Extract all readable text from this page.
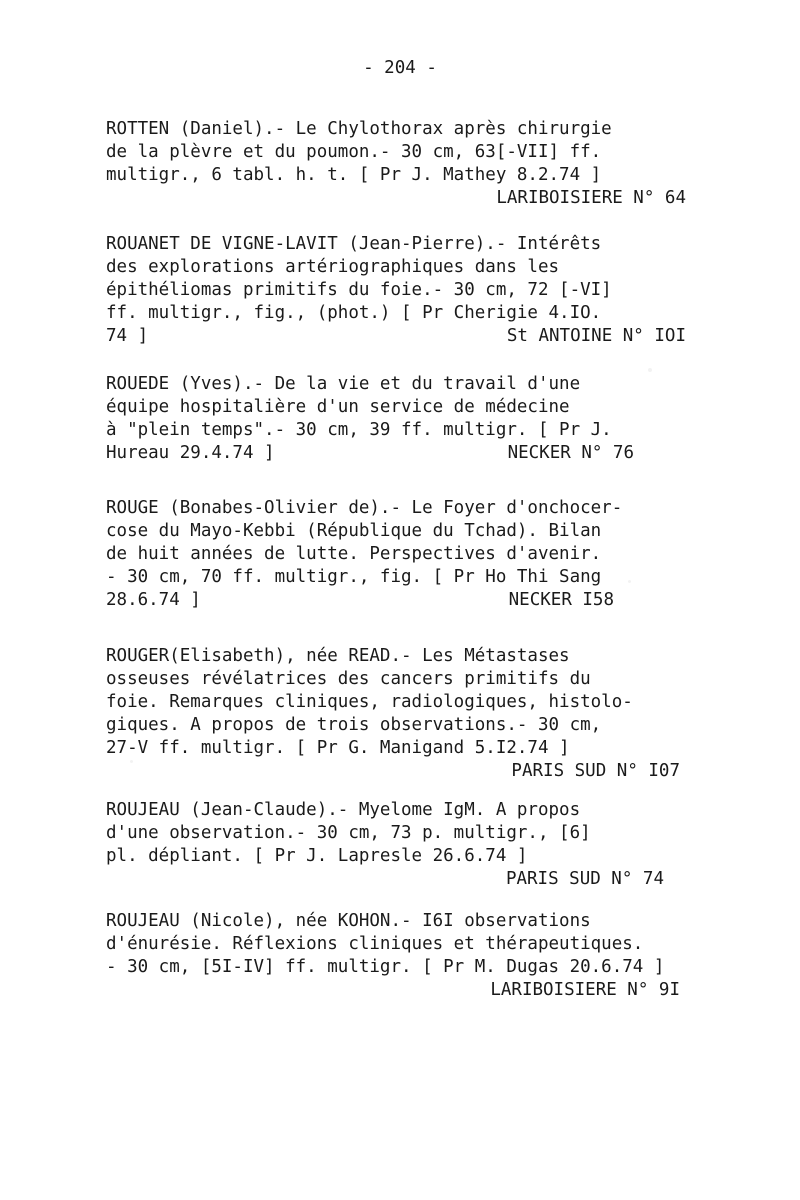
- 204 -
ROTTEN (Daniel).- Le Chylothorax après chirurgie
de la plèvre et du poumon.- 30 cm, 63[-VII] ff.
multigr., 6 tabl. h. t. [ Pr J. Mathey 8.2.74 ]
LARIBOISIERE N° 64
ROUANET DE VIGNE-LAVIT (Jean-Pierre).- Intérêts
des explorations artériographiques dans les
épithéliomas primitifs du foie.- 30 cm, 72 [-VI]
ff. multigr., fig., (phot.) [ Pr Cherigie 4.IO.
74 ]	St ANTOINE N° IOI
ROUEDE (Yves).- De la vie et du travail d'une
équipe hospitalière d'un service de médecine
à "plein temps".- 30 cm, 39 ff. multigr. [ Pr J.
Hureau 29.4.74 ]	NECKER N° 76
ROUGE (Bonabes-Olivier de).- Le Foyer d'onchocer-
cose du Mayo-Kebbi (République du Tchad). Bilan
de huit années de lutte. Perspectives d'avenir.
- 30 cm, 70 ff. multigr., fig. [ Pr Ho Thi Sang
28.6.74 ]	NECKER I58
ROUGER(Elisabeth), née READ.- Les Métastases
osseuses révélatrices des cancers primitifs du
foie. Remarques cliniques, radiologiques, histolo-
giques. A propos de trois observations.- 30 cm,
27-V ff. multigr. [ Pr G. Manigand 5.I2.74 ]
PARIS SUD N° I07
ROUJEAU (Jean-Claude).- Myelome IgM. A propos
d'une observation.- 30 cm, 73 p. multigr., [6]
pl. dépliant. [ Pr J. Lapresle 26.6.74 ]
PARIS SUD N° 74
ROUJEAU (Nicole), née KOHON.- I6I observations
d'énurésie. Réflexions cliniques et thérapeutiques.
- 30 cm, [5I-IV] ff. multigr. [ Pr M. Dugas 20.6.74 ]
LARIBOISIERE N° 9I
